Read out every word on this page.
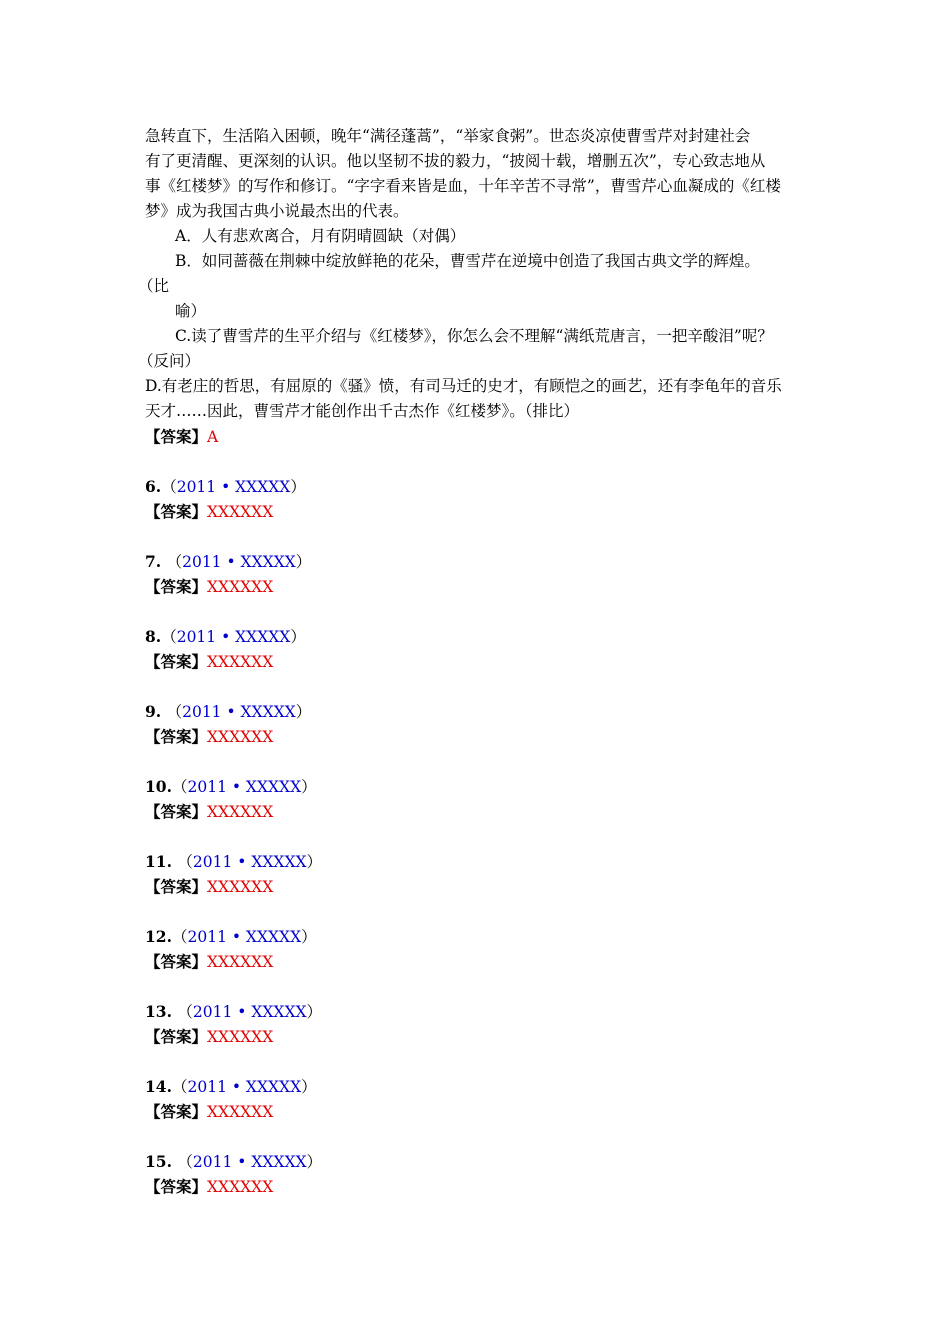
急转直下，生活陷入困顿，晚年“满径蓬蒿”，“举家食粥”。世态炎凉使曹雪芹对封建社会
有了更清醒、更深刻的认识。他以坚韧不拔的毅力，“披阅十载，增删五次”，专心致志地从
事《红楼梦》的写作和修订。“字字看来皆是血，十年辛苦不寻常”，曹雪芹心血凝成的《红楼
梦》成为我国古典小说最杰出的代表。
A．人有悲欢离合，月有阴晴圆缺（对偶）
B．如同蔷薇在荆棘中绽放鲜艳的花朵，曹雪芹在逆境中创造了我国古典文学的辉煌。
（比
喻）
C.读了曹雪芹的生平介绍与《红楼梦》，你怎么会不理解“满纸荒唐言，一把辛酸泪”呢？
（反问）
D.有老庄的哲思，有屈原的《骚》愤，有司马迁的史才，有顾恺之的画艺，还有李龟年的音乐
天才……因此，曹雪芹才能创作出千古杰作《红楼梦》。（排比）
【答案】A
6.（2011 • XXXXX）
【答案】XXXXXX
7. （2011 • XXXXX）
【答案】XXXXXX
8.（2011 • XXXXX）
【答案】XXXXXX
9. （2011 • XXXXX）
【答案】XXXXXX
10.（2011 • XXXXX）
【答案】XXXXXX
11. （2011 • XXXXX）
【答案】XXXXXX
12.（2011 • XXXXX）
【答案】XXXXXX
13. （2011 • XXXXX）
【答案】XXXXXX
14.（2011 • XXXXX）
【答案】XXXXXX
15. （2011 • XXXXX）
【答案】XXXXXX
